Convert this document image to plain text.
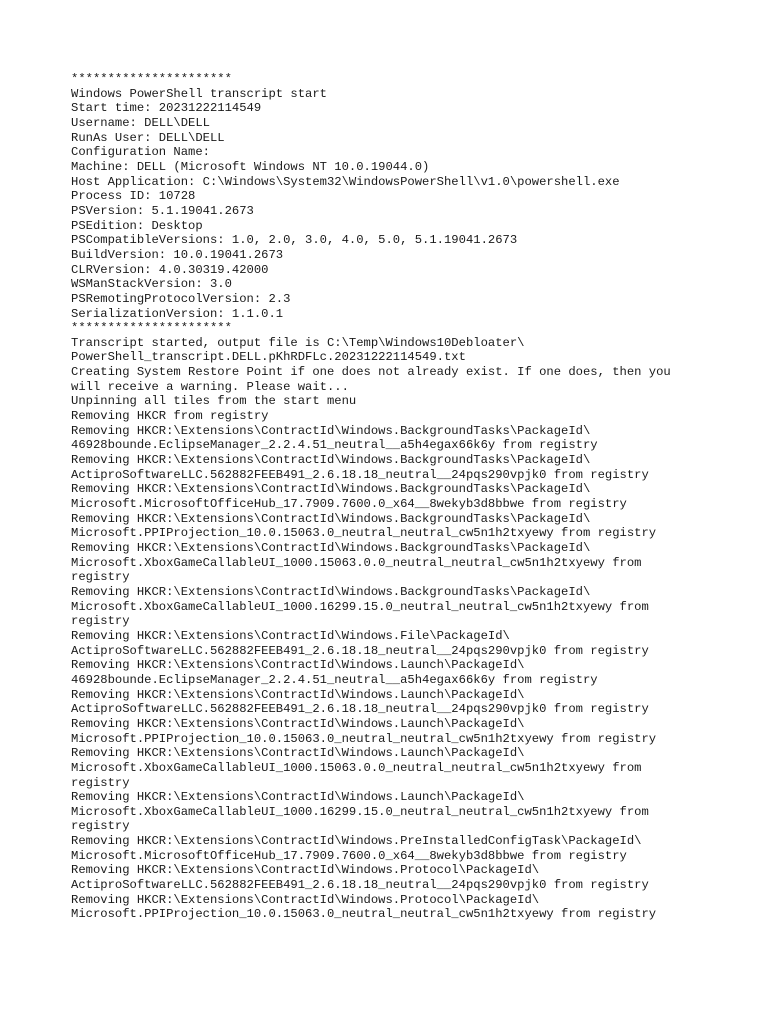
**********************
Windows PowerShell transcript start
Start time: 20231222114549
Username: DELL\DELL
RunAs User: DELL\DELL
Configuration Name:
Machine: DELL (Microsoft Windows NT 10.0.19044.0)
Host Application: C:\Windows\System32\WindowsPowerShell\v1.0\powershell.exe
Process ID: 10728
PSVersion: 5.1.19041.2673
PSEdition: Desktop
PSCompatibleVersions: 1.0, 2.0, 3.0, 4.0, 5.0, 5.1.19041.2673
BuildVersion: 10.0.19041.2673
CLRVersion: 4.0.30319.42000
WSManStackVersion: 3.0
PSRemotingProtocolVersion: 2.3
SerializationVersion: 1.1.0.1
**********************
Transcript started, output file is C:\Temp\Windows10Debloater\
PowerShell_transcript.DELL.pKhRDFLc.20231222114549.txt
Creating System Restore Point if one does not already exist. If one does, then you
will receive a warning. Please wait...
Unpinning all tiles from the start menu
Removing HKCR from registry
Removing HKCR:\Extensions\ContractId\Windows.BackgroundTasks\PackageId\
46928bounde.EclipseManager_2.2.4.51_neutral__a5h4egax66k6y from registry
Removing HKCR:\Extensions\ContractId\Windows.BackgroundTasks\PackageId\
ActiproSoftwareLLC.562882FEEB491_2.6.18.18_neutral__24pqs290vpjk0 from registry
Removing HKCR:\Extensions\ContractId\Windows.BackgroundTasks\PackageId\
Microsoft.MicrosoftOfficeHub_17.7909.7600.0_x64__8wekyb3d8bbwe from registry
Removing HKCR:\Extensions\ContractId\Windows.BackgroundTasks\PackageId\
Microsoft.PPIProjection_10.0.15063.0_neutral_neutral_cw5n1h2txyewy from registry
Removing HKCR:\Extensions\ContractId\Windows.BackgroundTasks\PackageId\
Microsoft.XboxGameCallableUI_1000.15063.0.0_neutral_neutral_cw5n1h2txyewy from
registry
Removing HKCR:\Extensions\ContractId\Windows.BackgroundTasks\PackageId\
Microsoft.XboxGameCallableUI_1000.16299.15.0_neutral_neutral_cw5n1h2txyewy from
registry
Removing HKCR:\Extensions\ContractId\Windows.File\PackageId\
ActiproSoftwareLLC.562882FEEB491_2.6.18.18_neutral__24pqs290vpjk0 from registry
Removing HKCR:\Extensions\ContractId\Windows.Launch\PackageId\
46928bounde.EclipseManager_2.2.4.51_neutral__a5h4egax66k6y from registry
Removing HKCR:\Extensions\ContractId\Windows.Launch\PackageId\
ActiproSoftwareLLC.562882FEEB491_2.6.18.18_neutral__24pqs290vpjk0 from registry
Removing HKCR:\Extensions\ContractId\Windows.Launch\PackageId\
Microsoft.PPIProjection_10.0.15063.0_neutral_neutral_cw5n1h2txyewy from registry
Removing HKCR:\Extensions\ContractId\Windows.Launch\PackageId\
Microsoft.XboxGameCallableUI_1000.15063.0.0_neutral_neutral_cw5n1h2txyewy from
registry
Removing HKCR:\Extensions\ContractId\Windows.Launch\PackageId\
Microsoft.XboxGameCallableUI_1000.16299.15.0_neutral_neutral_cw5n1h2txyewy from
registry
Removing HKCR:\Extensions\ContractId\Windows.PreInstalledConfigTask\PackageId\
Microsoft.MicrosoftOfficeHub_17.7909.7600.0_x64__8wekyb3d8bbwe from registry
Removing HKCR:\Extensions\ContractId\Windows.Protocol\PackageId\
ActiproSoftwareLLC.562882FEEB491_2.6.18.18_neutral__24pqs290vpjk0 from registry
Removing HKCR:\Extensions\ContractId\Windows.Protocol\PackageId\
Microsoft.PPIProjection_10.0.15063.0_neutral_neutral_cw5n1h2txyewy from registry
